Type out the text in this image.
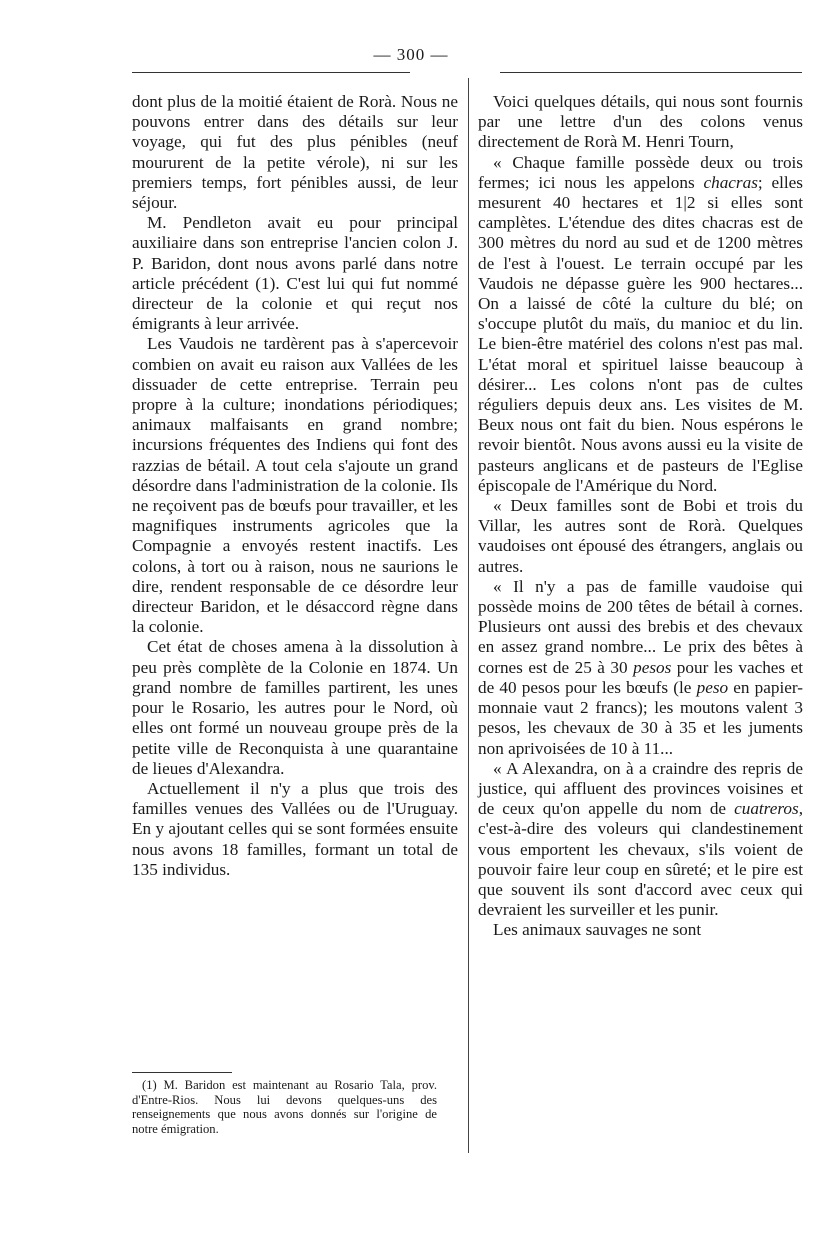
— 300 —

dont plus de la moitié étaient de Rorà. Nous ne pouvons entrer dans des détails sur leur voyage, qui fut des plus pénibles (neuf moururent de la petite vérole), ni sur les premiers temps, fort pénibles aussi, de leur séjour.

M. Pendleton avait eu pour principal auxiliaire dans son entreprise l'ancien colon J. P. Baridon, dont nous avons parlé dans notre article précédent (1). C'est lui qui fut nommé directeur de la colonie et qui reçut nos émigrants à leur arrivée.

Les Vaudois ne tardèrent pas à s'apercevoir combien on avait eu raison aux Vallées de les dissuader de cette entreprise. Terrain peu propre à la culture; inondations périodiques; animaux malfaisants en grand nombre; incursions fréquentes des Indiens qui font des razzias de bétail. A tout cela s'ajoute un grand désordre dans l'administration de la colonie. Ils ne reçoivent pas de bœufs pour travailler, et les magnifiques instruments agricoles que la Compagnie a envoyés restent inactifs. Les colons, à tort ou à raison, nous ne saurions le dire, rendent responsable de ce désordre leur directeur Baridon, et le désaccord règne dans la colonie.

Cet état de choses amena à la dissolution à peu près complète de la Colonie en 1874. Un grand nombre de familles partirent, les unes pour le Rosario, les autres pour le Nord, où elles ont formé un nouveau groupe près de la petite ville de Reconquista à une quarantaine de lieues d'Alexandra.

Actuellement il n'y a plus que trois des familles venues des Vallées ou de l'Uruguay. En y ajoutant celles qui se sont formées ensuite nous avons 18 familles, formant un total de 135 individus.

Voici quelques détails, qui nous sont fournis par une lettre d'un des colons venus directement de Rorà M. Henri Tourn,

« Chaque famille possède deux ou trois fermes; ici nous les appelons chacras; elles mesurent 40 hectares et 1|2 si elles sont camplètes. L'étendue des dites chacras est de 300 mètres du nord au sud et de 1200 mètres de l'est à l'ouest. Le terrain occupé par les Vaudois ne dépasse guère les 900 hectares... On a laissé de côté la culture du blé; on s'occupe plutôt du maïs, du manioc et du lin. Le bien-être matériel des colons n'est pas mal. L'état moral et spirituel laisse beaucoup à désirer... Les colons n'ont pas de cultes réguliers depuis deux ans. Les visites de M. Beux nous ont fait du bien. Nous espérons le revoir bientôt. Nous avons aussi eu la visite de pasteurs anglicans et de pasteurs de l'Eglise épiscopale de l'Amérique du Nord.

« Deux familles sont de Bobi et trois du Villar, les autres sont de Rorà. Quelques vaudoises ont épousé des étrangers, anglais ou autres.

« Il n'y a pas de famille vaudoise qui possède moins de 200 têtes de bétail à cornes. Plusieurs ont aussi des brebis et des chevaux en assez grand nombre... Le prix des bêtes à cornes est de 25 à 30 pesos pour les vaches et de 40 pesos pour les bœufs (le peso en papier-monnaie vaut 2 francs); les moutons valent 3 pesos, les chevaux de 30 à 35 et les juments non aprivoisées de 10 à 11...

« A Alexandra, on à a craindre des repris de justice, qui affluent des provinces voisines et de ceux qu'on appelle du nom de cuatreros, c'est-à-dire des voleurs qui clandestinement vous emportent les chevaux, s'ils voient de pouvoir faire leur coup en sûreté; et le pire est que souvent ils sont d'accord avec ceux qui devraient les surveiller et les punir.

Les animaux sauvages ne sont

(1) M. Baridon est maintenant au Rosario Tala, prov. d'Entre-Rios. Nous lui devons quelques-uns des renseignements que nous avons donnés sur l'origine de notre émigration.
